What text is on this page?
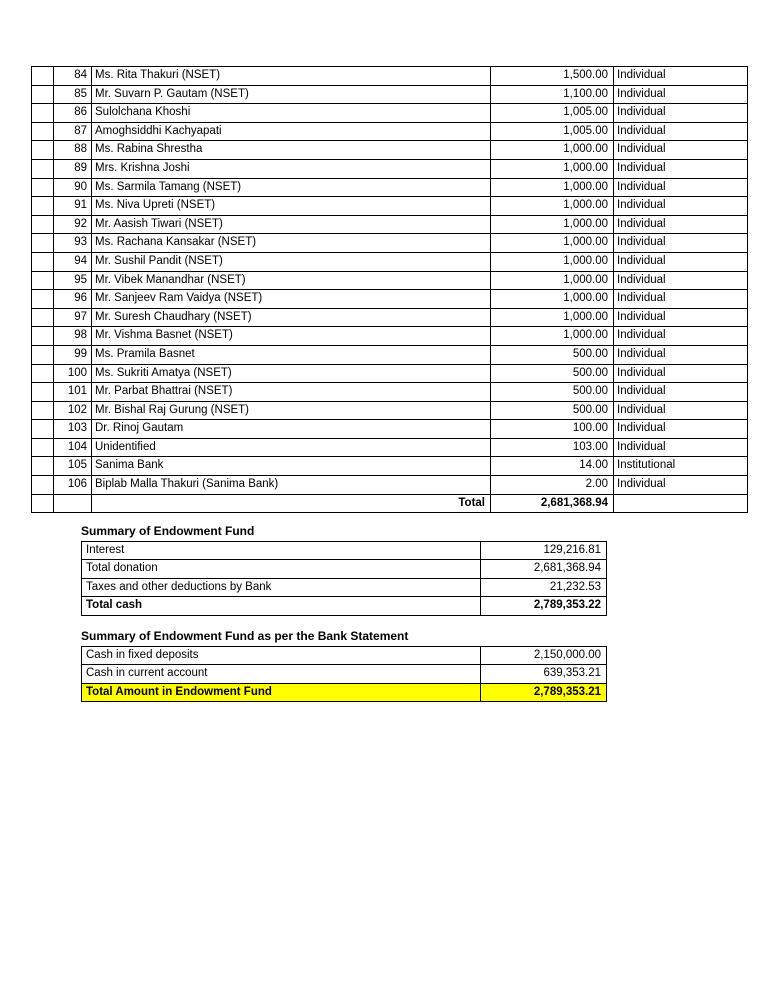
	84	Ms. Rita Thakuri (NSET)	1,500.00	Individual
	85	Mr. Suvarn P. Gautam (NSET)	1,100.00	Individual
	86	Sulolchana Khoshi	1,005.00	Individual
	87	Amoghsiddhi Kachyapati	1,005.00	Individual
	88	Ms. Rabina Shrestha	1,000.00	Individual
	89	Mrs. Krishna Joshi	1,000.00	Individual
	90	Ms. Sarmila Tamang (NSET)	1,000.00	Individual
	91	Ms. Niva Upreti (NSET)	1,000.00	Individual
	92	Mr. Aasish Tiwari (NSET)	1,000.00	Individual
	93	Ms. Rachana Kansakar (NSET)	1,000.00	Individual
	94	Mr. Sushil Pandit (NSET)	1,000.00	Individual
	95	Mr. Vibek Manandhar (NSET)	1,000.00	Individual
	96	Mr. Sanjeev Ram Vaidya (NSET)	1,000.00	Individual
	97	Mr. Suresh Chaudhary (NSET)	1,000.00	Individual
	98	Mr. Vishma Basnet (NSET)	1,000.00	Individual
	99	Ms. Pramila Basnet	500.00	Individual
	100	Ms. Sukriti Amatya (NSET)	500.00	Individual
	101	Mr. Parbat Bhattrai (NSET)	500.00	Individual
	102	Mr. Bishal Raj Gurung (NSET)	500.00	Individual
	103	Dr. Rinoj Gautam	100.00	Individual
	104	Unidentified	103.00	Individual
	105	Sanima Bank	14.00	Institutional
	106	Biplab Malla Thakuri (Sanima Bank)	2.00	Individual
		Total	2,681,368.94	
Summary of Endowment Fund
Interest	129,216.81
Total donation	2,681,368.94
Taxes and other deductions by Bank	21,232.53
Total cash	2,789,353.22
Summary of Endowment Fund as per the Bank Statement
Cash in fixed deposits	2,150,000.00
Cash in current account	639,353.21
Total Amount in Endowment Fund	2,789,353.21
